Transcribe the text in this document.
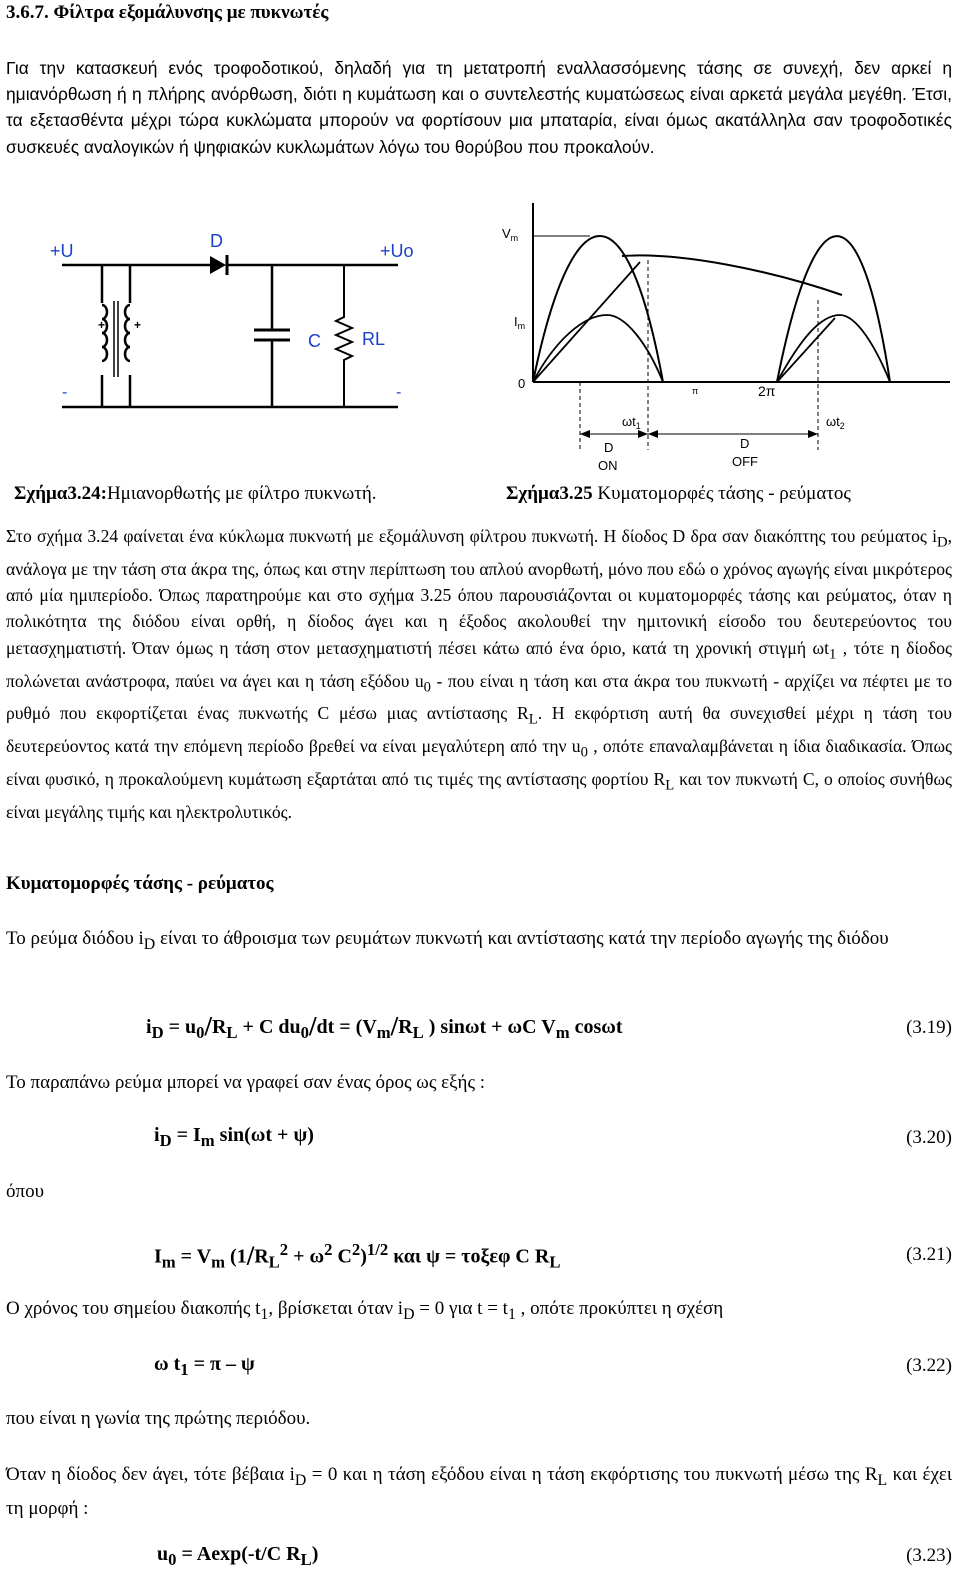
3.6.7. Φίλτρα εξομάλυνσης με πυκνωτές
Για την κατασκευή ενός τροφοδοτικού, δηλαδή για τη μετατροπή εναλλασσόμενης τάσης σε συνεχή, δεν αρκεί η ημιανόρθωση ή η πλήρης ανόρθωση, διότι η κυμάτωση και ο συντελεστής κυματώσεως είναι αρκετά μεγάλα μεγέθη. Έτσι, τα εξετασθέντα μέχρι τώρα κυκλώματα μπορούν να φορτίσουν μια μπαταρία, είναι όμως ακατάλληλα σαν τροφοδοτικές συσκευές αναλογικών ή ψηφιακών κυκλωμάτων λόγω του θορύβου που προκαλούν.
+U	D	+Uo
C RL
+ +
-	-
$V_m$
$I_m$
0	π	2π
$\omega t_1$	$\omega t_2$
D
ON
D
OFF
Σχήμα3.24:Ημιανορθωτής με φίλτρο πυκνωτή.	Σχήμα3.25 Κυματομορφές τάσης - ρεύματος
Στο σχήμα 3.24 φαίνεται ένα κύκλωμα πυκνωτή με εξομάλυνση φίλτρου πυκνωτή. Η δίοδος D δρα σαν διακόπτης του ρεύματος $i_D$, ανάλογα με την τάση στα άκρα της, όπως και στην περίπτωση του απλού ανορθωτή, μόνο που εδώ ο χρόνος αγωγής είναι μικρότερος από μία ημιπερίοδο. Όπως παρατηρούμε και στο σχήμα 3.25 όπου παρουσιάζονται οι κυματομορφές τάσης και ρεύματος, όταν η πολικότητα της διόδου είναι ορθή, η δίοδος άγει και η έξοδος ακολουθεί την ημιτονική είσοδο του δευτερεύοντος του μετασχηματιστή. Όταν όμως η τάση στον μετασχηματιστή πέσει κάτω από ένα όριο, κατά τη χρονική στιγμή $\omega t_1$ , τότε η δίοδος πολώνεται ανάστροφα, παύει να άγει και η τάση εξόδου $u_0$ - που είναι η τάση και στα άκρα του πυκνωτή - αρχίζει να πέφτει με το ρυθμό που εκφορτίζεται ένας πυκνωτής C μέσω μιας αντίστασης $R_L$. Η εκφόρτιση αυτή θα συνεχισθεί μέχρι η τάση του δευτερεύοντος κατά την επόμενη περίοδο βρεθεί να είναι μεγαλύτερη από την $u_0$ , οπότε επαναλαμβάνεται η ίδια διαδικασία. Όπως είναι φυσικό, η προκαλούμενη κυμάτωση εξαρτάται από τις τιμές της αντίστασης φορτίου $R_L$ και τον πυκνωτή C, ο οποίος συνήθως είναι μεγάλης τιμής και ηλεκτρολυτικός.
Κυματομορφές τάσης - ρεύματος
Το ρεύμα διόδου $i_D$ είναι το άθροισμα των ρευμάτων πυκνωτή και αντίστασης κατά την περίοδο αγωγής της διόδου
$i_D = u_0/R_L + C$ $du_0/dt = (V_m/R_L$ ) sinωt + ωC $V_m$ cosωt	(3.19)
Το παραπάνω ρεύμα μπορεί να γραφεί σαν ένας όρος ως εξής :
$i_D = I_m$ sin(ωt + ψ)	(3.20)
όπου
$I_m = V_m$ ($1/R_L^2 + \omega^2$ $C^2)^{1/2}$ και ψ = τοξεφ C $R_L$	(3.21)
Ο χρόνος του σημείου διακοπής $t_1$, βρίσκεται όταν $i_D = 0$ για $t = t_1$ , οπότε προκύπτει η σχέση
ω $t_1 = \pi - \psi$	(3.22)
που είναι η γωνία της πρώτης περιόδου.
Όταν η δίοδος δεν άγει, τότε βέβαια $i_D = 0$ και η τάση εξόδου είναι η τάση εκφόρτισης του πυκνωτή μέσω της $R_L$ και έχει τη μορφή :
$u_0 = Aexp(-t/C$ $R_L$)	(3.23)
